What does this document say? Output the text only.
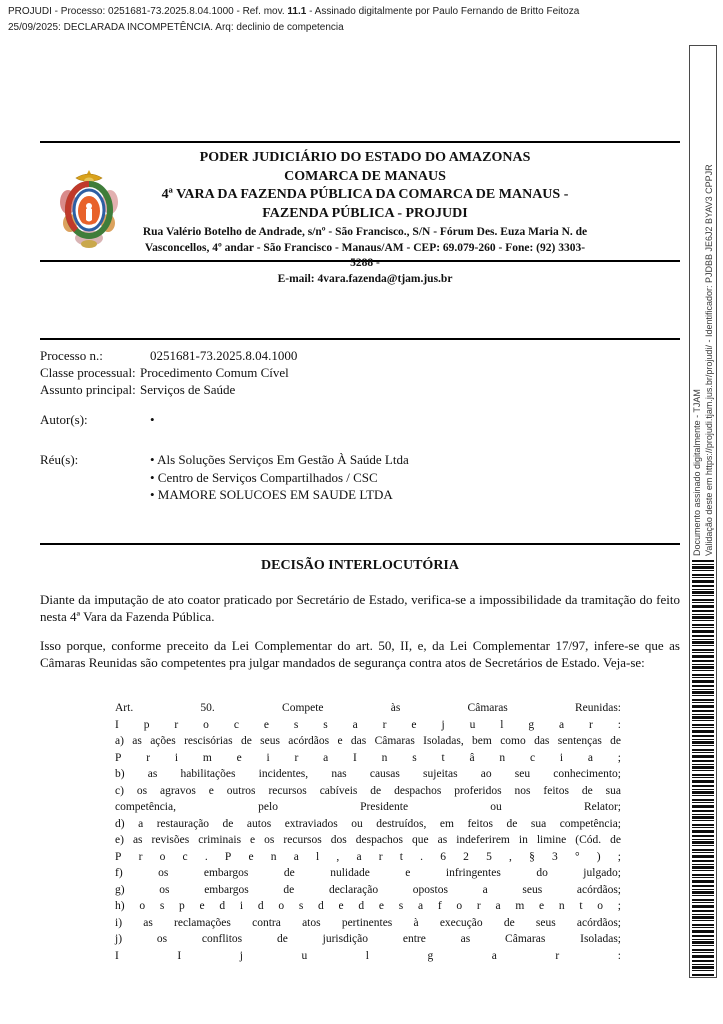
PROJUDI - Processo: 0251681-73.2025.8.04.1000 - Ref. mov. 11.1 - Assinado digitalmente por Paulo Fernando de Britto Feitoza
25/09/2025: DECLARADA INCOMPETÊNCIA. Arq: declinio de competencia
PODER JUDICIÁRIO DO ESTADO DO AMAZONAS
COMARCA DE MANAUS
4ª VARA DA FAZENDA PÚBLICA DA COMARCA DE MANAUS -
FAZENDA PÚBLICA - PROJUDI
Rua Valério Botelho de Andrade, s/nº - São Francisco., S/N - Fórum Des. Euza Maria N. de
Vasconcellos, 4º andar - São Francisco - Manaus/AM - CEP: 69.079-260 - Fone: (92) 3303-5288 -
E-mail: 4vara.fazenda@tjam.jus.br
Processo n.:	0251681-73.2025.8.04.1000
Classe processual: Procedimento Comum Cível
Assunto principal: Serviços de Saúde
Autor(s):	•
Réu(s):	• Als Soluções Serviços Em Gestão À Saúde Ltda
• Centro de Serviços Compartilhados / CSC
• MAMORE SOLUCOES EM SAUDE LTDA
DECISÃO INTERLOCUTÓRIA
Diante da imputação de ato coator praticado por Secretário de Estado, verifica-se a impossibilidade da tramitação do feito nesta 4ª Vara da Fazenda Pública.
Isso porque, conforme preceito da Lei Complementar do art. 50, II, e, da Lei Complementar 17/97, infere-se que as Câmaras Reunidas são competentes pra julgar mandados de segurança contra atos de Secretários de Estado. Veja-se:
Art. 50. Compete às Câmaras Reunidas:
I p r o c e s s a r e j u l g a r :
a) as ações rescisórias de seus acórdãos e das Câmaras Isoladas, bem como das sentenças de
P r i m e i r a I n s t â n c i a ;
b) as habilitações incidentes, nas causas sujeitas ao seu conhecimento;
c) os agravos e outros recursos cabíveis de despachos proferidos nos feitos de sua
competência, pelo Presidente ou Relator;
d) a restauração de autos extraviados ou destruídos, em feitos de sua competência;
e) as revisões criminais e os recursos dos despachos que as indeferirem in limine (Cód. de
P r o c . P e n a l , a r t . 6 2 5 , § 3 ° ) ;
f) os embargos de nulidade e infringentes do julgado;
g) os embargos de declaração opostos a seus acórdãos;
h) o s p e d i d o s d e d e s a f o r a m e n t o ;
i) as reclamações contra atos pertinentes à execução de seus acórdãos;
j) os conflitos de jurisdição entre as Câmaras Isoladas;
I I j u l g a r :
Documento assinado digitalmente - TJAM Validação deste em https://projudi.tjam.jus.br/projudi/ - Identificador: PJDBB JE6J2 BYAV3 CPPJR
